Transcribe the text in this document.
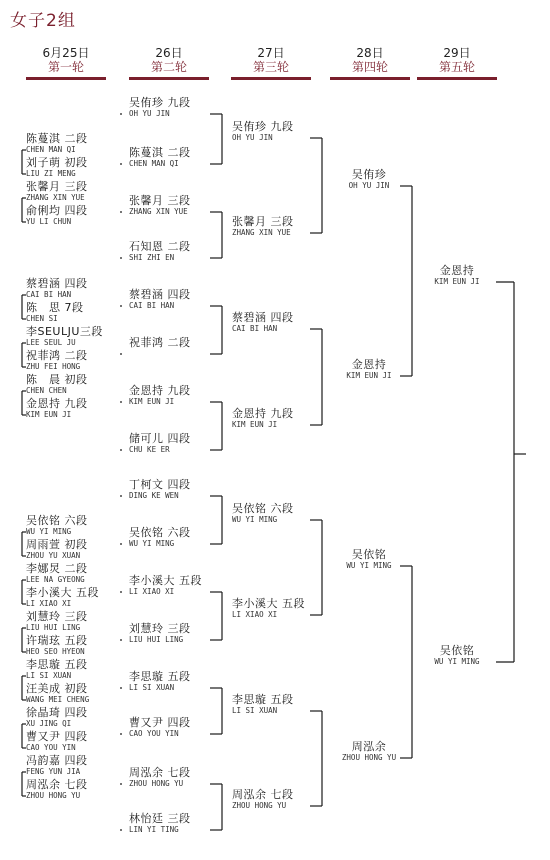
女子2组
6月25日
第一轮
26日
第二轮
27日
第三轮
28日
第四轮
29日
第五轮
陈蔓淇 二段
CHEN MAN QI
刘子萌 初段
LIU ZI MENG
张馨月 三段
ZHANG XIN YUE
俞俐均 四段
YU LI CHUN
蔡碧涵 四段
CAI BI HAN
陈　思 7段
CHEN SI
李SEULJU三段
LEE SEUL JU
祝菲鸿 二段
ZHU FEI HONG
陈　晨 初段
CHEN CHEN
金恩持 九段
KIM EUN JI
吴依铭 六段
WU YI MING
周雨萱 初段
ZHOU YU XUAN
李娜炅 二段
LEE NA GYEONG
李小溪大 五段
LI XIAO XI
刘慧玲 三段
LIU HUI LING
许瑞玹 五段
HEO SEO HYEON
李思璇 五段
LI SI XUAN
汪美成 初段
WANG MEI CHENG
徐晶琦 四段
XU JING QI
曹又尹 四段
CAO YOU YIN
冯韵嘉 四段
FENG YUN JIA
周泓余 七段
ZHOU HONG YU
吴侑珍 九段
OH YU JIN
陈蔓淇 二段
CHEN MAN QI
张馨月 三段
ZHANG XIN YUE
石知恩 二段
SHI ZHI EN
蔡碧涵 四段
CAI BI HAN
祝菲鸿 二段
金恩持 九段
KIM EUN JI
储可儿 四段
CHU KE ER
丁柯文 四段
DING KE WEN
吴依铭 六段
WU YI MING
李小溪大 五段
LI XIAO XI
刘慧玲 三段
LIU HUI LING
李思璇 五段
LI SI XUAN
曹又尹 四段
CAO YOU YIN
周泓余 七段
ZHOU HONG YU
林怡廷 三段
LIN YI TING
吴侑珍 九段
OH YU JIN
张馨月 三段
ZHANG XIN YUE
蔡碧涵 四段
CAI BI HAN
金恩持 九段
KIM EUN JI
吴依铭 六段
WU YI MING
李小溪大 五段
LI XIAO XI
李思璇 五段
LI SI XUAN
周泓余 七段
ZHOU HONG YU
吴侑珍
OH YU JIN
金恩持
KIM EUN JI
吴依铭
WU YI MING
周泓余
ZHOU HONG YU
金恩持
KIM EUN JI
吴依铭
WU YI MING
